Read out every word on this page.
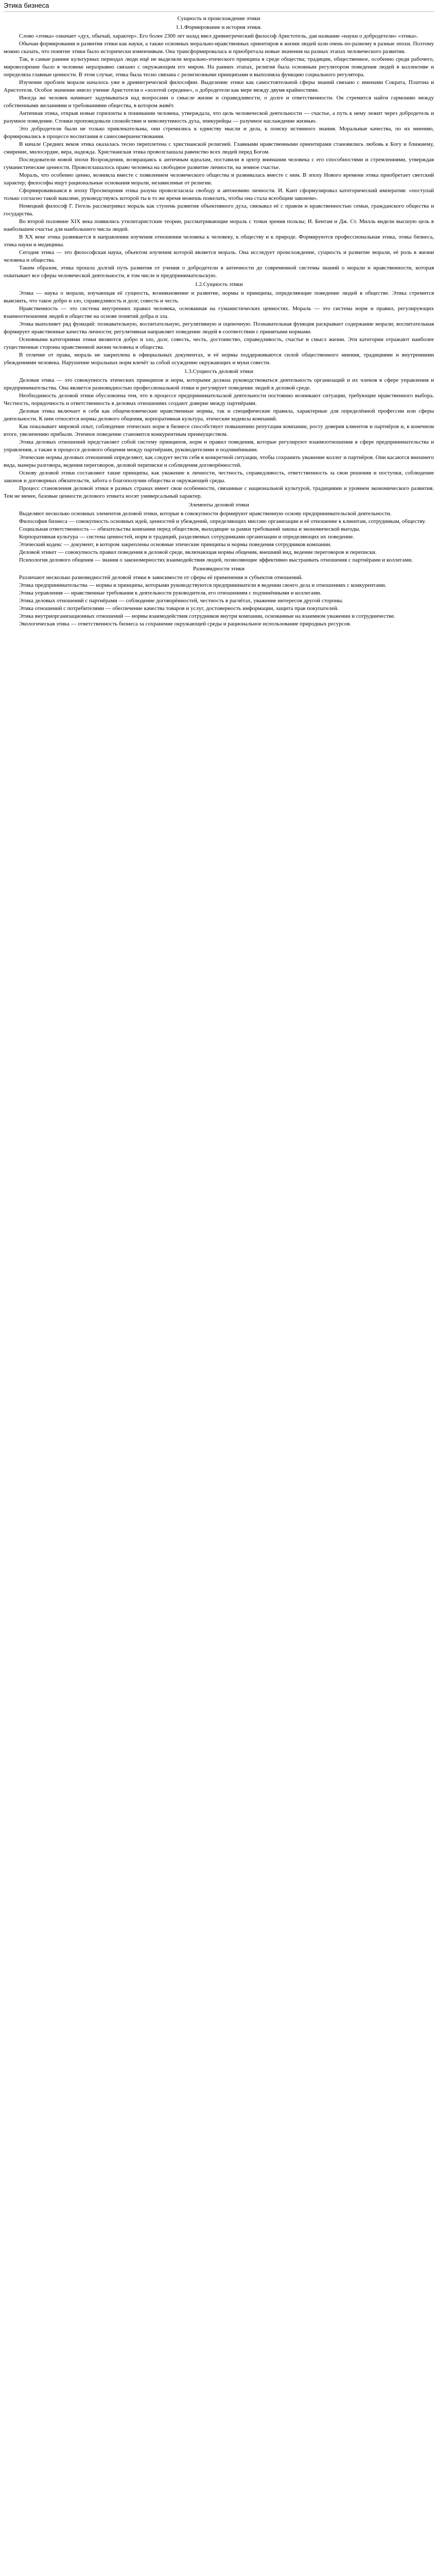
Этика бизнеса
Сущность и происхождение этики
1.1.Формирование и история этики.

Слово «этика» означает «дух, обычай, характер». Его более 2300 лет назад ввел древнегреческий философ Аристотель, дав название «науки о добродетели» «этика».

Обычаи формирования и развития этики как науки, а также основных морально-нравственных ориентиров в жизни людей шли очень по-разному в разные эпохи. Поэтому можно сказать, что понятие этики было исторически изменчивым. Она трансформировалась и приобретала новые значения на разных этапах человеческого развития.

Так, в самые ранние культурных периодах люди ещё не выделяли морально-этического принципа в среде общества; традиции, общественное, особенно среди рабочего, мировоззрение было в человеке неразрывно связано с окружающим его миром. На ранних этапах, религия была основным регулятором поведения людей в коллективе и определяла главные ценности. В этом случае, этика была тесно связана с религиозными принципами и выполняла функцию социального регулятора.

Изучение проблем морали началось уже в древнегреческой философии. Выделение этики как самостоятельной сферы знаний связано с именами Сократа, Платона и Аристотеля. Особое значение имело учение Аристотеля о «золотой середине», о добродетели как мере между двумя крайностями.

Иногда же человек начинает задумываться над вопросами о смысле жизни и справедливости, о долге и ответственности. Он стремится найти гармонию между собственными желаниями и требованиями общества, в котором живёт.

Античная этика, открыв новые горизонты в понимании человека, утверждала, что цель человеческой деятельности — счастье, а путь к нему лежит через добродетель и разумное поведение. Стоики проповедовали спокойствие и невозмутимость духа, эпикурейцы — разумное наслаждение жизнью.

Это добродетели были не только привлекательны, они стремились к единству мысли и дела, к поиску истинного знания. Моральные качества, по их мнению, формировались в процессе воспитания и самосовершенствования.

В начале Средних веков этика оказалась тесно переплетена с христианской религией. Главными нравственными ориентирами становились любовь к Богу и ближнему, смирение, милосердие, вера, надежда. Христианская этика провозглашала равенство всех людей перед Богом.

Последователи новой эпохи Возрождения, возвращаясь к античным идеалам, поставили в центр внимания человека с его способностями и стремлениями, утверждая гуманистические ценности. Провозглашалось право человека на свободное развитие личности, на земное счастье.

Мораль, что особенно ценно, возникла вместе с появлением человеческого общества и развивалась вместе с ним. В эпоху Нового времени этика приобретает светский характер; философы ищут рациональные основания морали, независимые от религии.

Сформировавшаяся в эпоху Просвещения этика разума провозгласила свободу и автономию личности. И. Кант сформулировал категорический императив: «поступай только согласно такой максиме, руководствуясь которой ты в то же время можешь пожелать, чтобы она стала всеобщим законом».

Немецкий философ Г. Гегель рассматривал мораль как ступень развития объективного духа, связывал её с правом и нравственностью семьи, гражданского общества и государства.

Во второй половине XIX века появились утилитаристские теории, рассматривающие мораль с точки зрения пользы; И. Бентам и Дж. Ст. Милль видели высшую цель в наибольшем счастье для наибольшего числа людей.

В XX веке этика развивается в направлении изучения отношения человека к человеку, к обществу и к природе. Формируются профессиональная этика, этика бизнеса, этика науки и медицины.

Сегодня этика — это философская наука, объектом изучения которой является мораль. Она исследует происхождение, сущность и развитие морали, её роль в жизни человека и общества.

Таким образом, этика прошла долгий путь развития от учения о добродетели в античности до современной системы знаний о морали и нравственности, которая охватывает все сферы человеческой деятельности, в том числе и предпринимательскую.

1.2.Сущность этики

Этика — наука о морали, изучающая её сущность, возникновение и развитие, нормы и принципы, определяющие поведение людей в обществе. Этика стремится выяснить, что такое добро и зло, справедливость и долг, совесть и честь.

Нравственность — это система внутренних правил человека, основанная на гуманистических ценностях. Мораль — это система норм и правил, регулирующих взаимоотношения людей в обществе на основе понятий добра и зла.

Этика выполняет ряд функций: познавательную, воспитательную, регулятивную и оценочную. Познавательная функция раскрывает содержание морали; воспитательная формирует нравственные качества личности; регулятивная направляет поведение людей в соответствии с принятыми нормами.

Основными категориями этики являются добро и зло, долг, совесть, честь, достоинство, справедливость, счастье и смысл жизни. Эти категории отражают наиболее существенные стороны нравственной жизни человека и общества.

В отличие от права, мораль не закреплена в официальных документах, и её нормы поддерживаются силой общественного мнения, традициями и внутренними убеждениями человека. Нарушение моральных норм влечёт за собой осуждение окружающих и муки совести.

1.3.Сущность деловой этики

Деловая этика — это совокупность этических принципов и норм, которыми должна руководствоваться деятельность организаций и их членов в сфере управления и предпринимательства. Она является разновидностью профессиональной этики и регулирует поведение людей в деловой среде.

Необходимость деловой этики обусловлена тем, что в процессе предпринимательской деятельности постоянно возникают ситуации, требующие нравственного выбора. Честность, порядочность и ответственность в деловых отношениях создают доверие между партнёрами.

Деловая этика включает в себя как общечеловеческие нравственные нормы, так и специфические правила, характерные для определённой профессии или сферы деятельности. К ним относятся нормы делового общения, корпоративная культура, этические кодексы компаний.

Как показывает мировой опыт, соблюдение этических норм в бизнесе способствует повышению репутации компании, росту доверия клиентов и партнёров и, в конечном итоге, увеличению прибыли. Этичное поведение становится конкурентным преимуществом.

Этика деловых отношений представляет собой систему принципов, норм и правил поведения, которые регулируют взаимоотношения в сфере предпринимательства и управления, а также в процессе делового общения между партнёрами, руководителями и подчинёнными.

Этические нормы деловых отношений определяют, как следует вести себя в конкретной ситуации, чтобы сохранить уважение коллег и партнёров. Они касаются внешнего вида, манеры разговора, ведения переговоров, деловой переписки и соблюдения договорённостей.

Основу деловой этики составляют такие принципы, как уважение к личности, честность, справедливость, ответственность за свои решения и поступки, соблюдение законов и договорных обязательств, забота о благополучии общества и окружающей среды.

Процесс становления деловой этики в разных странах имеет свои особенности, связанные с национальной культурой, традициями и уровнем экономического развития. Тем не менее, базовые ценности делового этикета носят универсальный характер.

Элементы деловой этики

Выделяют несколько основных элементов деловой этики, которые в совокупности формируют нравственную основу предпринимательской деятельности.

Философия бизнеса — совокупность основных идей, ценностей и убеждений, определяющих миссию организации и её отношение к клиентам, сотрудникам, обществу.

Социальная ответственность — обязательства компании перед обществом, выходящие за рамки требований закона и экономической выгоды.

Корпоративная культура — система ценностей, норм и традиций, разделяемых сотрудниками организации и определяющих их поведение.

Этический кодекс — документ, в котором закреплены основные этические принципы и нормы поведения сотрудников компании.

Деловой этикет — совокупность правил поведения в деловой среде, включающая нормы общения, внешний вид, ведение переговоров и переписки.

Психология делового общения — знания о закономерностях взаимодействия людей, позволяющие эффективно выстраивать отношения с партнёрами и коллегами.

Разновидности этики

Различают несколько разновидностей деловой этики в зависимости от сферы её применения и субъектов отношений.

Этика предпринимательства — нормы и принципы, которыми руководствуются предприниматели в ведении своего дела и отношениях с конкурентами.

Этика управления — нравственные требования к деятельности руководителя, его отношениям с подчинёнными и коллегами.

Этика деловых отношений с партнёрами — соблюдение договорённостей, честность в расчётах, уважение интересов другой стороны.

Этика отношений с потребителями — обеспечение качества товаров и услуг, достоверность информации, защита прав покупателей.

Этика внутриорганизационных отношений — нормы взаимодействия сотрудников внутри компании, основанные на взаимном уважении и сотрудничестве.

Экологическая этика — ответственность бизнеса за сохранение окружающей среды и рациональное использование природных ресурсов.
